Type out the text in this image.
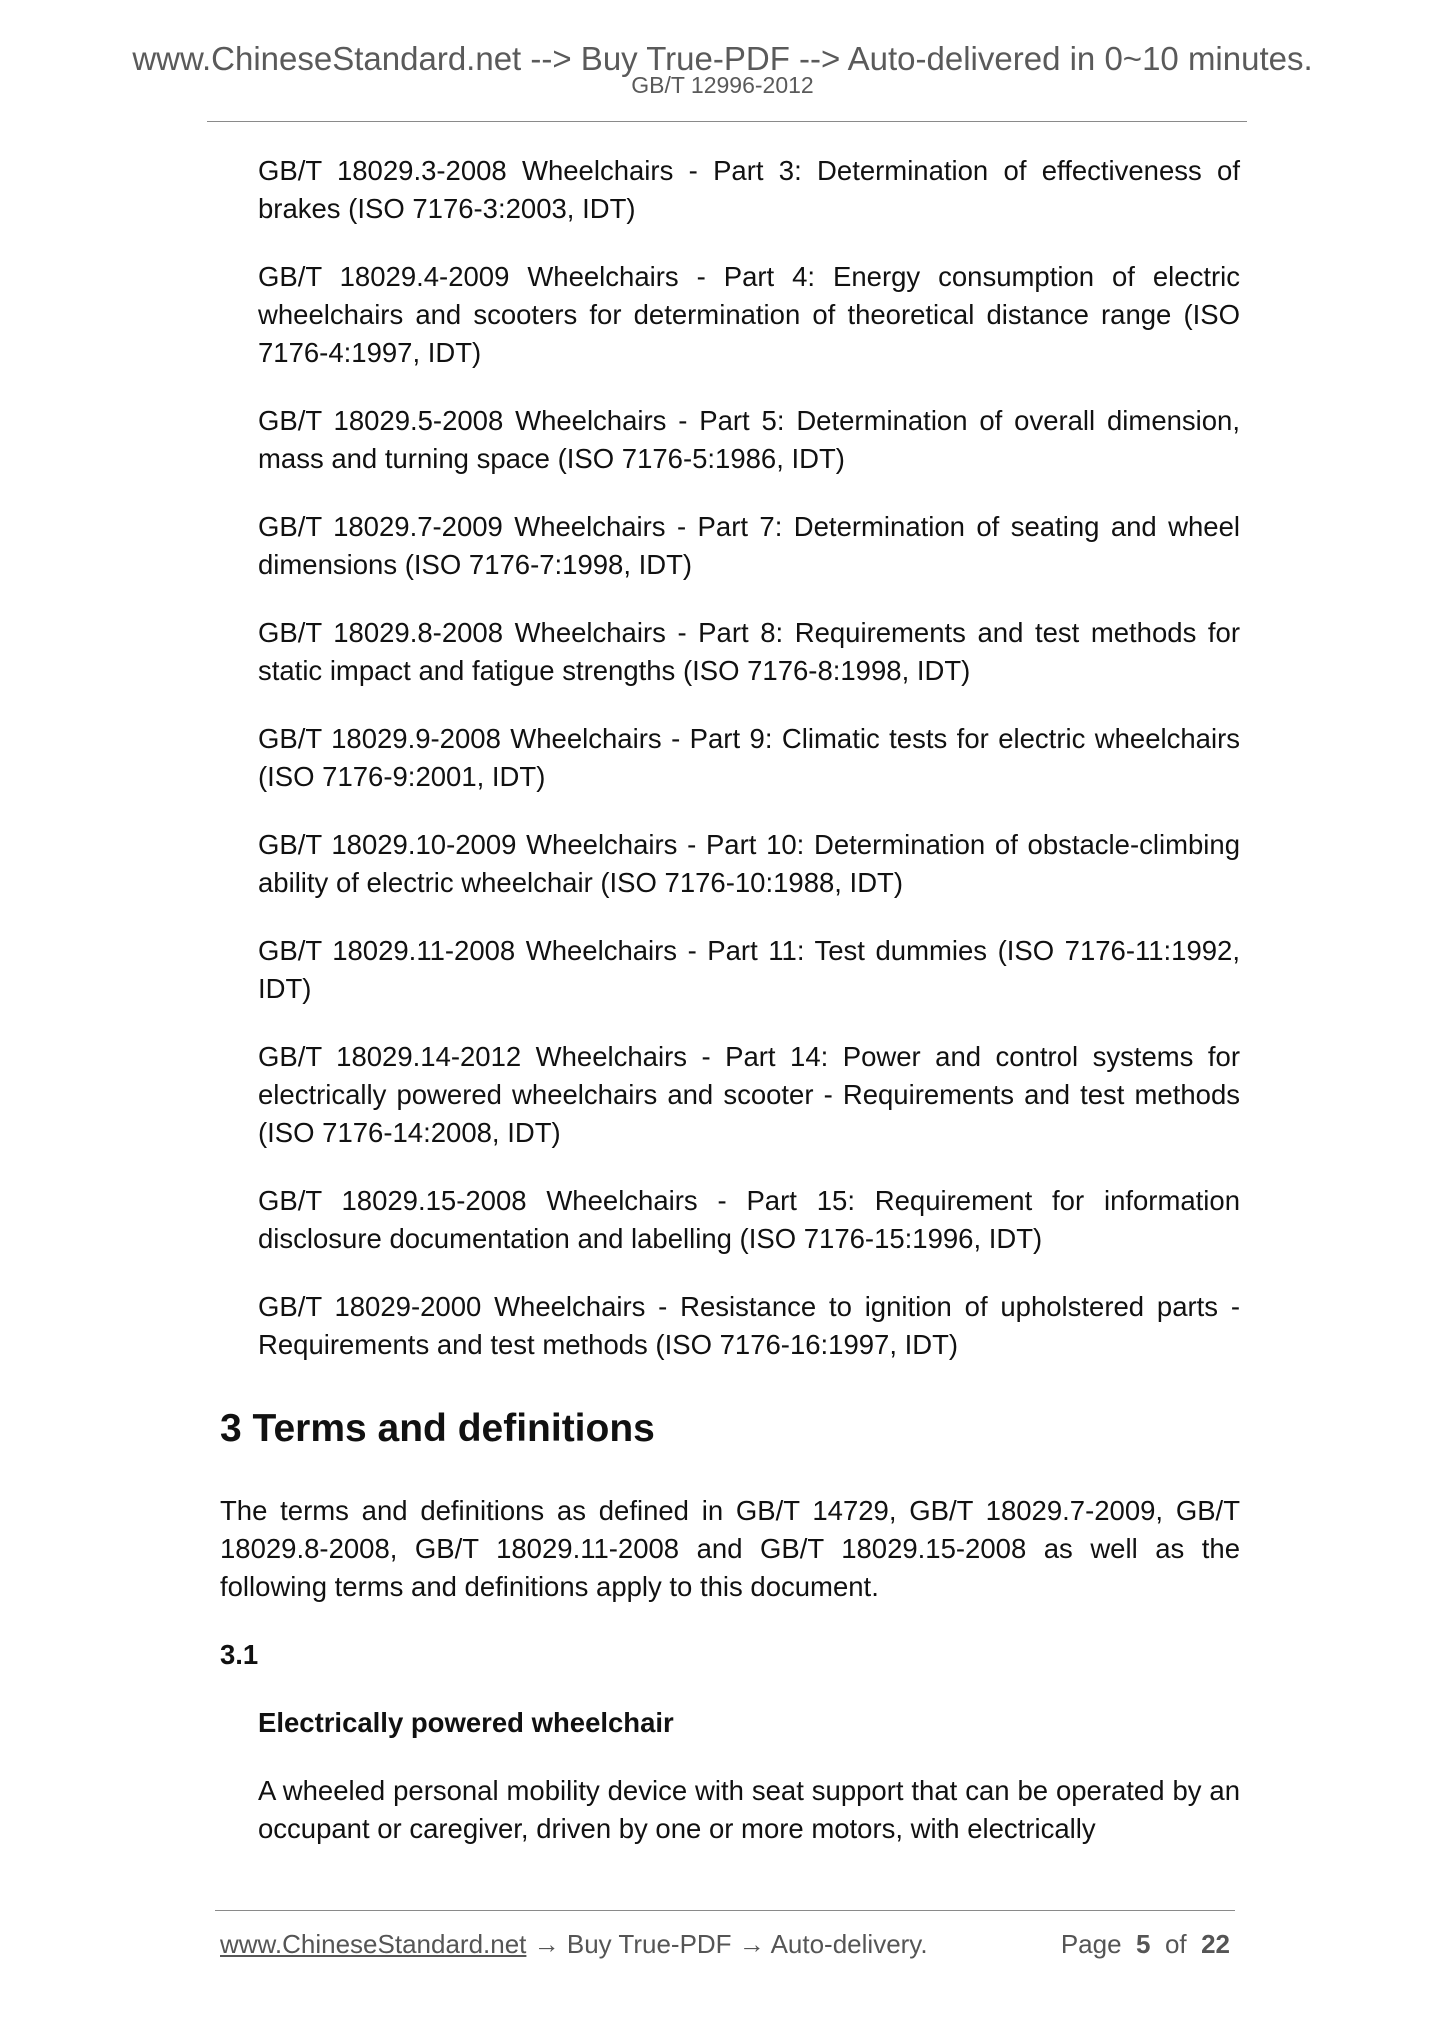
www.ChineseStandard.net --> Buy True-PDF --> Auto-delivered in 0~10 minutes.
GB/T 12996-2012
GB/T 18029.3-2008 Wheelchairs - Part 3: Determination of effectiveness of brakes (ISO 7176-3:2003, IDT)
GB/T 18029.4-2009 Wheelchairs - Part 4: Energy consumption of electric wheelchairs and scooters for determination of theoretical distance range (ISO 7176-4:1997, IDT)
GB/T 18029.5-2008 Wheelchairs - Part 5: Determination of overall dimension, mass and turning space (ISO 7176-5:1986, IDT)
GB/T 18029.7-2009 Wheelchairs - Part 7: Determination of seating and wheel dimensions (ISO 7176-7:1998, IDT)
GB/T 18029.8-2008 Wheelchairs - Part 8: Requirements and test methods for static impact and fatigue strengths (ISO 7176-8:1998, IDT)
GB/T 18029.9-2008 Wheelchairs - Part 9: Climatic tests for electric wheelchairs (ISO 7176-9:2001, IDT)
GB/T 18029.10-2009 Wheelchairs - Part 10: Determination of obstacle-climbing ability of electric wheelchair (ISO 7176-10:1988, IDT)
GB/T 18029.11-2008 Wheelchairs - Part 11: Test dummies (ISO 7176-11:1992, IDT)
GB/T 18029.14-2012 Wheelchairs - Part 14: Power and control systems for electrically powered wheelchairs and scooter - Requirements and test methods (ISO 7176-14:2008, IDT)
GB/T 18029.15-2008 Wheelchairs - Part 15: Requirement for information disclosure documentation and labelling (ISO 7176-15:1996, IDT)
GB/T 18029-2000 Wheelchairs - Resistance to ignition of upholstered parts - Requirements and test methods (ISO 7176-16:1997, IDT)
3 Terms and definitions
The terms and definitions as defined in GB/T 14729, GB/T 18029.7-2009, GB/T 18029.8-2008, GB/T 18029.11-2008 and GB/T 18029.15-2008 as well as the following terms and definitions apply to this document.
3.1
Electrically powered wheelchair
A wheeled personal mobility device with seat support that can be operated by an occupant or caregiver, driven by one or more motors, with electrically
www.ChineseStandard.net → Buy True-PDF → Auto-delivery.	Page 5 of 22
